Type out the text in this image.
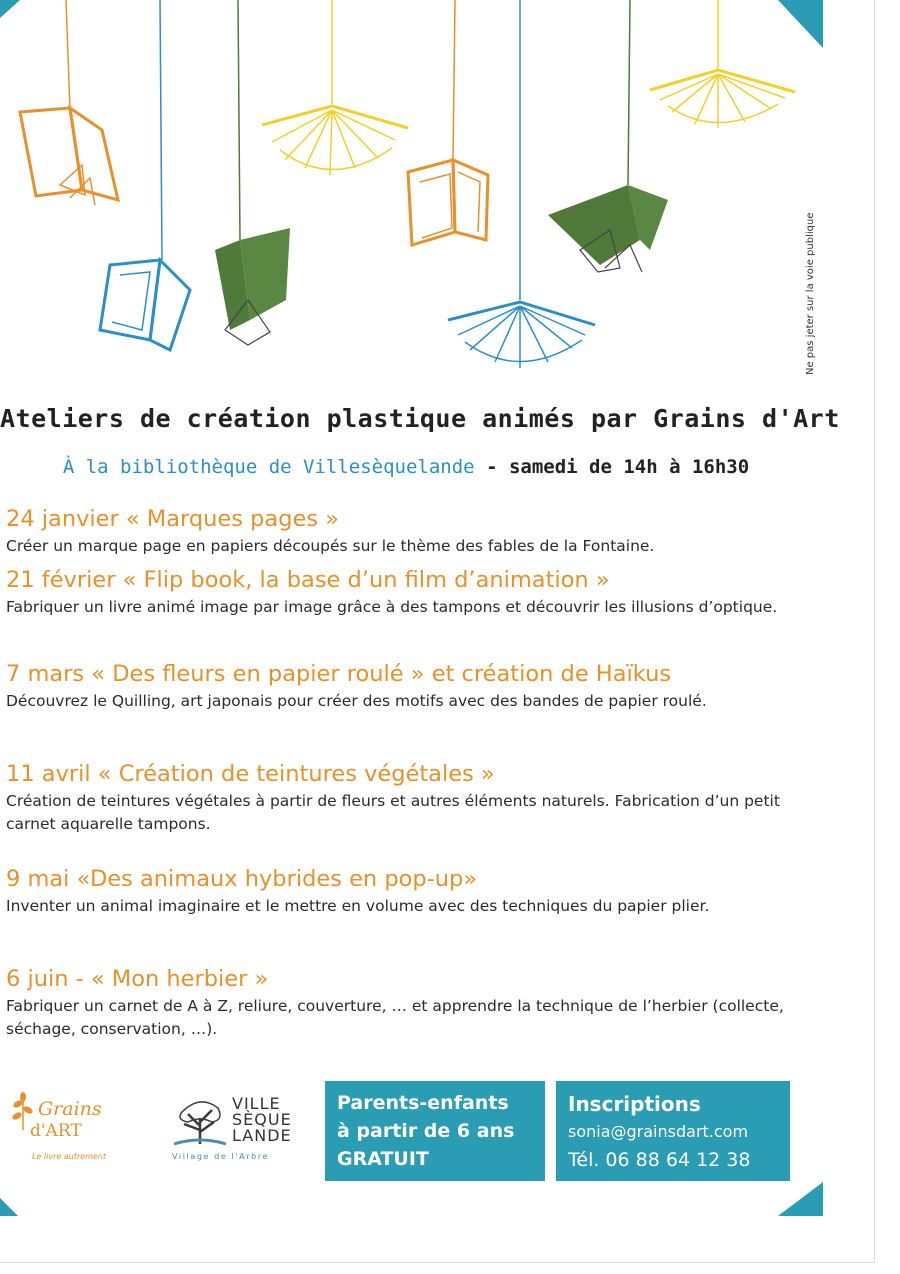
Ne pas jeter sur la voie publique
Ateliers de création plastique animés par Grains d'Art
À la bibliothèque de Villesèquelande - samedi de 14h à 16h30
24 janvier « Marques pages »
Créer un marque page en papiers découpés sur le thème des fables de la Fontaine.
21 février « Flip book, la base d’un film d’animation »
Fabriquer un livre animé image par image grâce à des tampons et découvrir les illusions d’optique.
7 mars « Des fleurs en papier roulé » et création de Haïkus
Découvrez le Quilling, art japonais pour créer des motifs avec des bandes de papier roulé.
11 avril « Création de teintures végétales »
Création de teintures végétales à partir de fleurs et autres éléments naturels. Fabrication d’un petit carnet aquarelle tampons.
9 mai «Des animaux hybrides en pop-up»
Inventer un animal imaginaire et le mettre en volume avec des techniques du papier plier.
6 juin - « Mon herbier »
Fabriquer un carnet de A à Z, reliure, couverture, … et apprendre la technique de l’herbier (collecte, séchage, conservation, …).
Grains
d'ART
Le livre autrement
VILLE
SÈQUE
LANDE
Village de l'Arbre
Parents-enfants
à partir de 6 ans
GRATUIT
Inscriptions
sonia@grainsdart.com
Tél. 06 88 64 12 38
